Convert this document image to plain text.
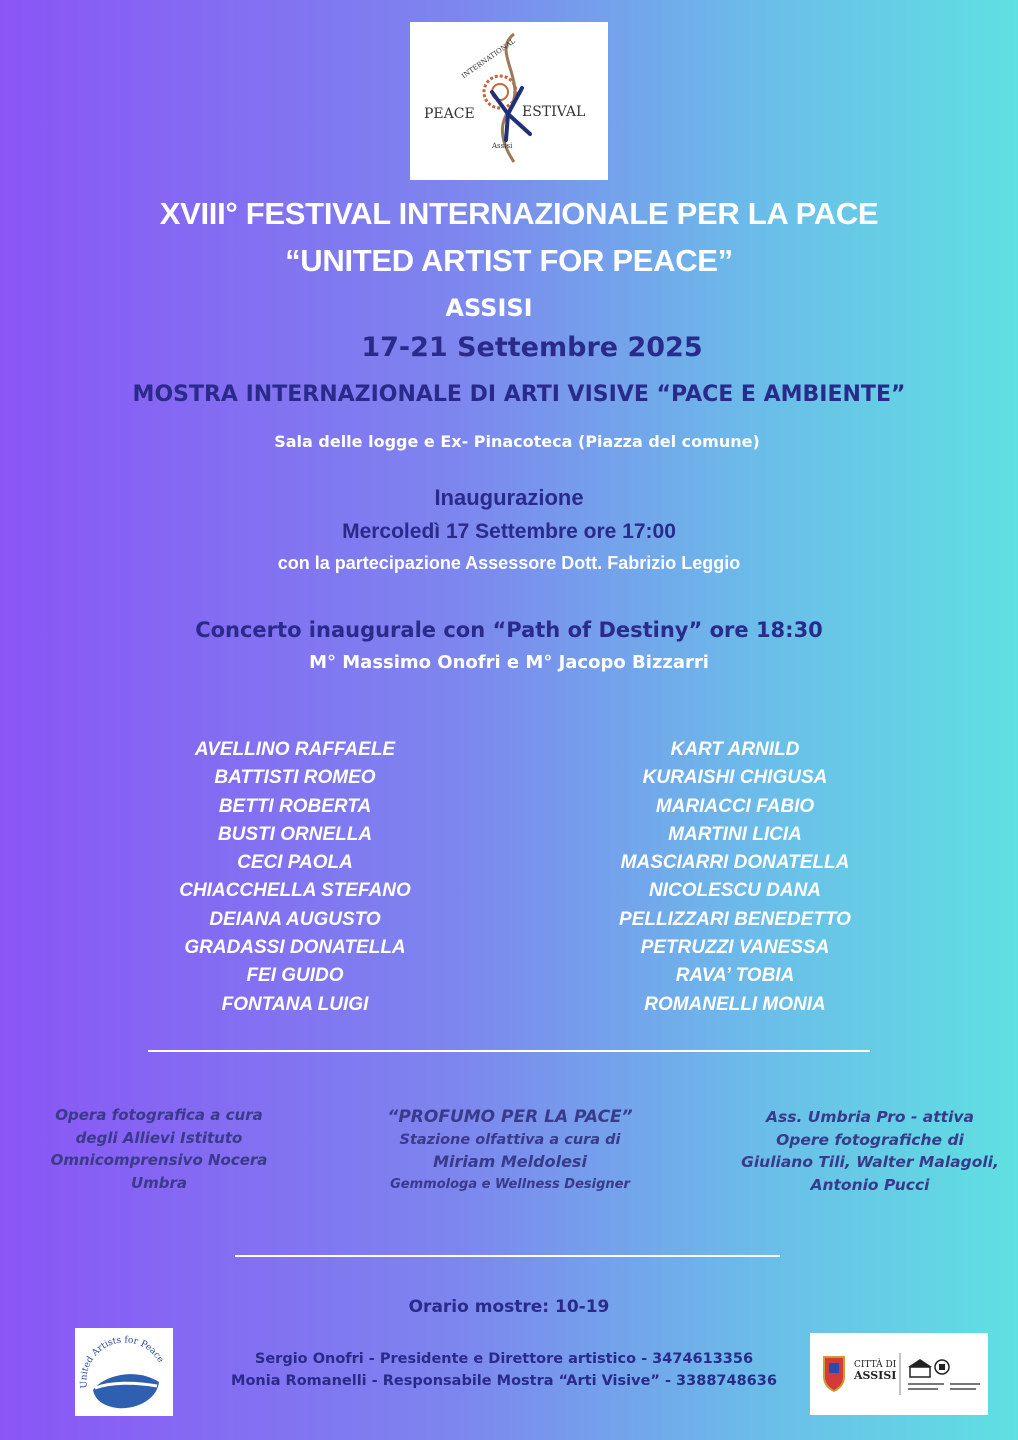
PEACE	ESTIVAL
INTERNATIONAL
Assisi
XVIII° FESTIVAL INTERNAZIONALE PER LA PACE
“UNITED ARTIST FOR PEACE”
ASSISI
17-21 Settembre 2025
MOSTRA INTERNAZIONALE DI ARTI VISIVE “PACE E AMBIENTE”
Sala delle logge e Ex- Pinacoteca (Piazza del comune)
Inaugurazione
Mercoledì 17 Settembre ore 17:00
con la partecipazione Assessore Dott. Fabrizio Leggio
Concerto inaugurale con “Path of Destiny” ore 18:30
M° Massimo Onofri e M° Jacopo Bizzarri
AVELLINO RAFFAELE
BATTISTI ROMEO
BETTI ROBERTA
BUSTI ORNELLA
CECI PAOLA
CHIACCHELLA STEFANO
DEIANA AUGUSTO
GRADASSI DONATELLA
FEI GUIDO
FONTANA LUIGI
KART ARNILD
KURAISHI CHIGUSA
MARIACCI FABIO
MARTINI LICIA
MASCIARRI DONATELLA
NICOLESCU DANA
PELLIZZARI BENEDETTO
PETRUZZI VANESSA
RAVA’ TOBIA
ROMANELLI MONIA
Opera fotografica a cura
degli Allievi Istituto
Omnicomprensivo Nocera
Umbra
“PROFUMO PER LA PACE”
Stazione olfattiva a cura di
Miriam Meldolesi
Gemmologa e Wellness Designer
Ass. Umbria Pro - attiva
Opere fotografiche di
Giuliano Tili, Walter Malagoli,
Antonio Pucci
Orario mostre: 10-19
Sergio Onofri - Presidente e Direttore artistico - 3474613356
Monia Romanelli - Responsabile Mostra “Arti Visive” - 3388748636
United Artists for Peace
CITTÀ DI
ASSISI
